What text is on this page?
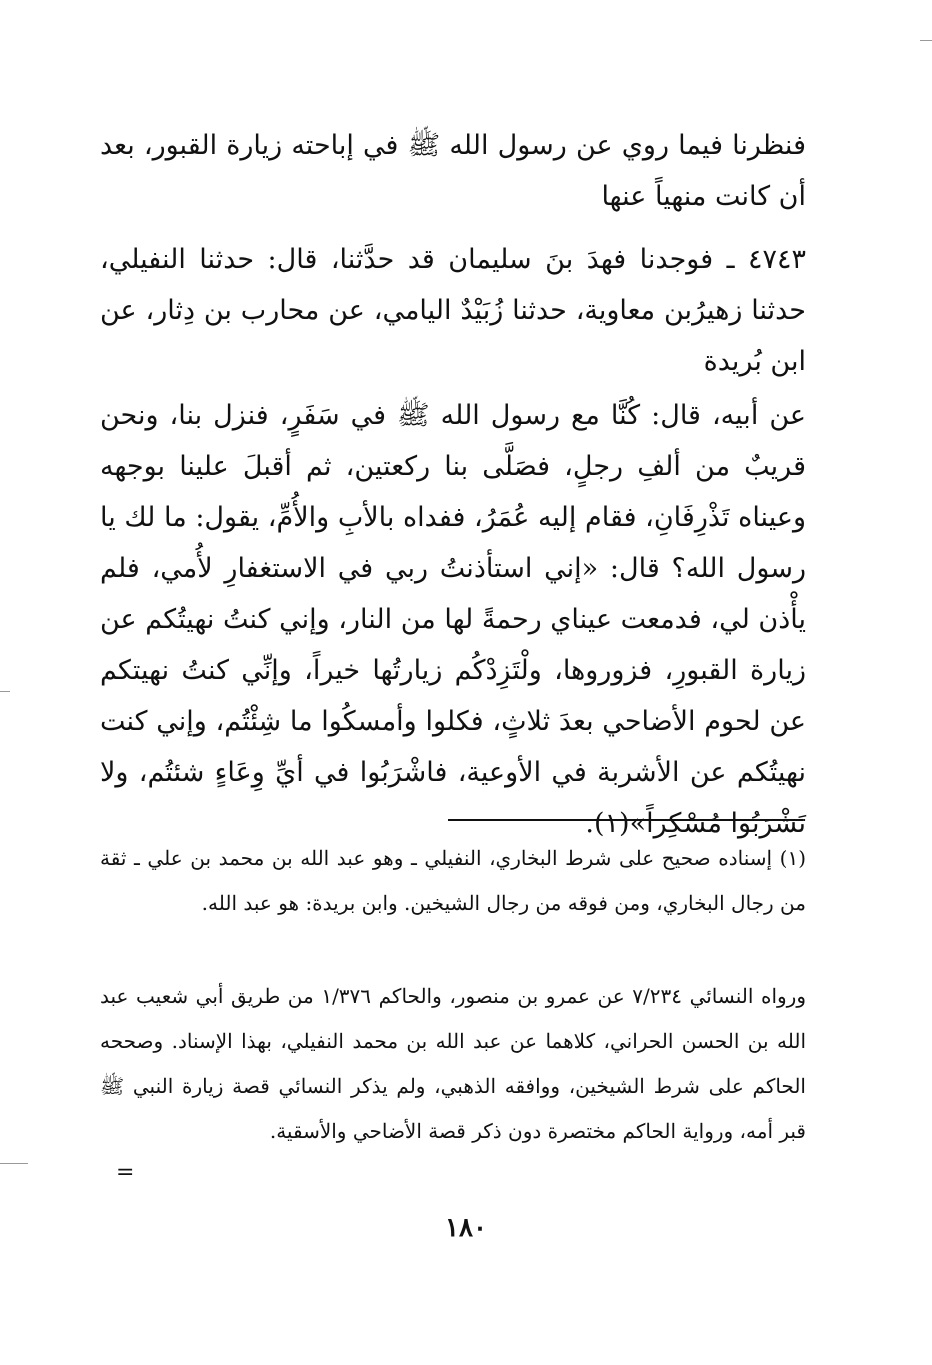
فنظرنا فيما روي عن رسول الله ﷺ في إباحته زيارة القبور، بعد أن كانت منهياً عنها

٤٧٤٣ ـ فوجدنا فهدَ بنَ سليمان قد حدَّثنا، قال: حدثنا النفيلي، حدثنا زهيرُبن معاوية، حدثنا زُبَيْدٌ اليامي، عن محارب بن دِثار، عن ابن بُريدة

عن أبيه، قال: كُنَّا مع رسول الله ﷺ في سَفَرٍ، فنزل بنا، ونحن قريبٌ من ألفِ رجلٍ، فصَلَّى بنا ركعتين، ثم أقبلَ علينا بوجهه وعيناه تَذْرِفَانِ، فقام إليه عُمَرُ، ففداه بالأبِ والأُمِّ، يقول: ما لك يا رسول الله؟ قال: «إني استأذنتُ ربي في الاستغفارِ لأُمي، فلم يأْذن لي، فدمعت عيناي رحمةً لها من النار، وإني كنتُ نهيتُكم عن زيارة القبورِ، فزوروها، ولْتَزِدْكُم زيارتُها خيراً، وإنِّي كنتُ نهيتكم عن لحوم الأضاحي بعدَ ثلاثٍ، فكلوا وأمسكُوا ما شِئْتُم، وإني كنت نهيتُكم عن الأشربة في الأوعية، فاشْرَبُوا في أيِّ وِعَاءٍ شئتُم، ولا تَشْرَبُوا مُسْكِراً»(١).

(١) إسناده صحيح على شرط البخاري، النفيلي ـ وهو عبد الله بن محمد بن علي ـ ثقة من رجال البخاري، ومن فوقه من رجال الشيخين. وابن بريدة: هو عبد الله.

ورواه النسائي ٧/٢٣٤ عن عمرو بن منصور، والحاكم ١/٣٧٦ من طريق أبي شعيب عبد الله بن الحسن الحراني، كلاهما عن عبد الله بن محمد النفيلي، بهذا الإسناد. وصححه الحاكم على شرط الشيخين، ووافقه الذهبي، ولم يذكر النسائي قصة زيارة النبي ﷺ قبر أمه، ورواية الحاكم مختصرة دون ذكر قصة الأضاحي والأسقية.

=
١٨٠
